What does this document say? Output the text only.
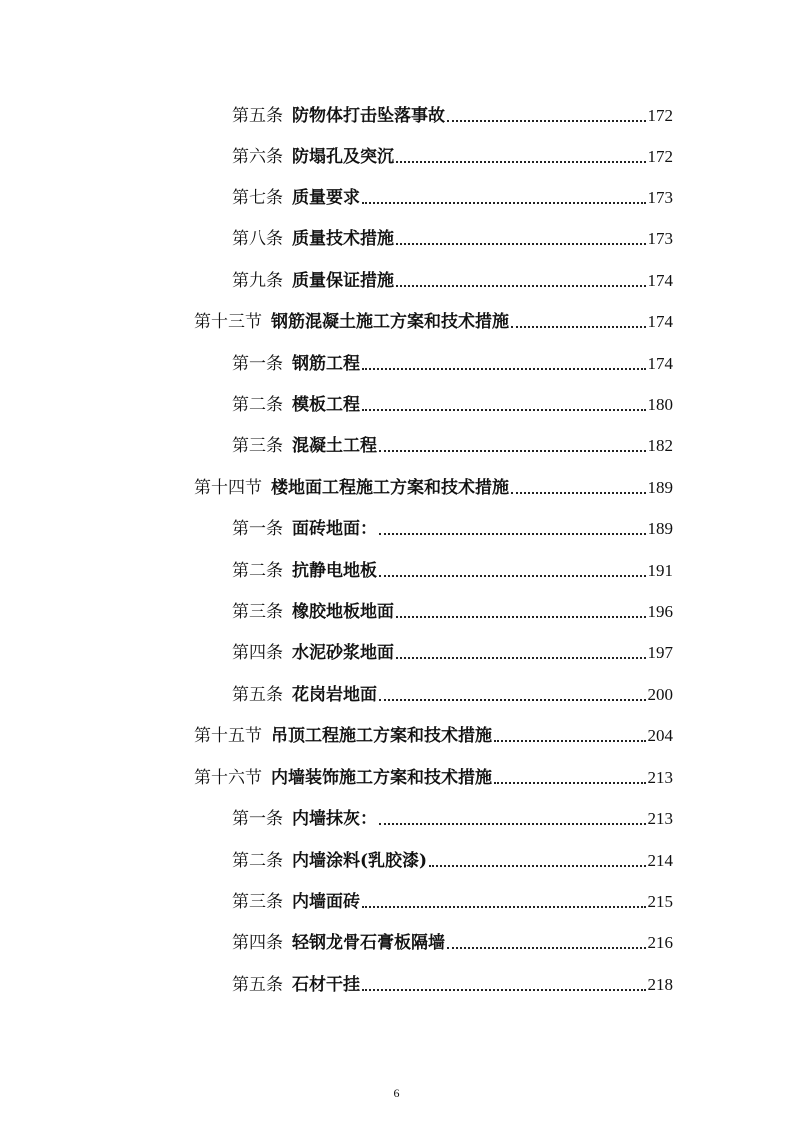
第五条 防物体打击坠落事故	172
第六条 防塌孔及突沉	172
第七条 质量要求	173
第八条 质量技术措施	173
第九条 质量保证措施	174
第十三节 钢筋混凝土施工方案和技术措施	174
第一条 钢筋工程	174
第二条 模板工程	180
第三条 混凝土工程	182
第十四节 楼地面工程施工方案和技术措施	189
第一条 面砖地面：	189
第二条 抗静电地板	191
第三条 橡胶地板地面	196
第四条 水泥砂浆地面	197
第五条 花岗岩地面	200
第十五节 吊顶工程施工方案和技术措施	204
第十六节 内墙装饰施工方案和技术措施	213
第一条 内墙抹灰：	213
第二条 内墙涂料(乳胶漆)	214
第三条 内墙面砖	215
第四条 轻钢龙骨石膏板隔墙	216
第五条 石材干挂	218
6
